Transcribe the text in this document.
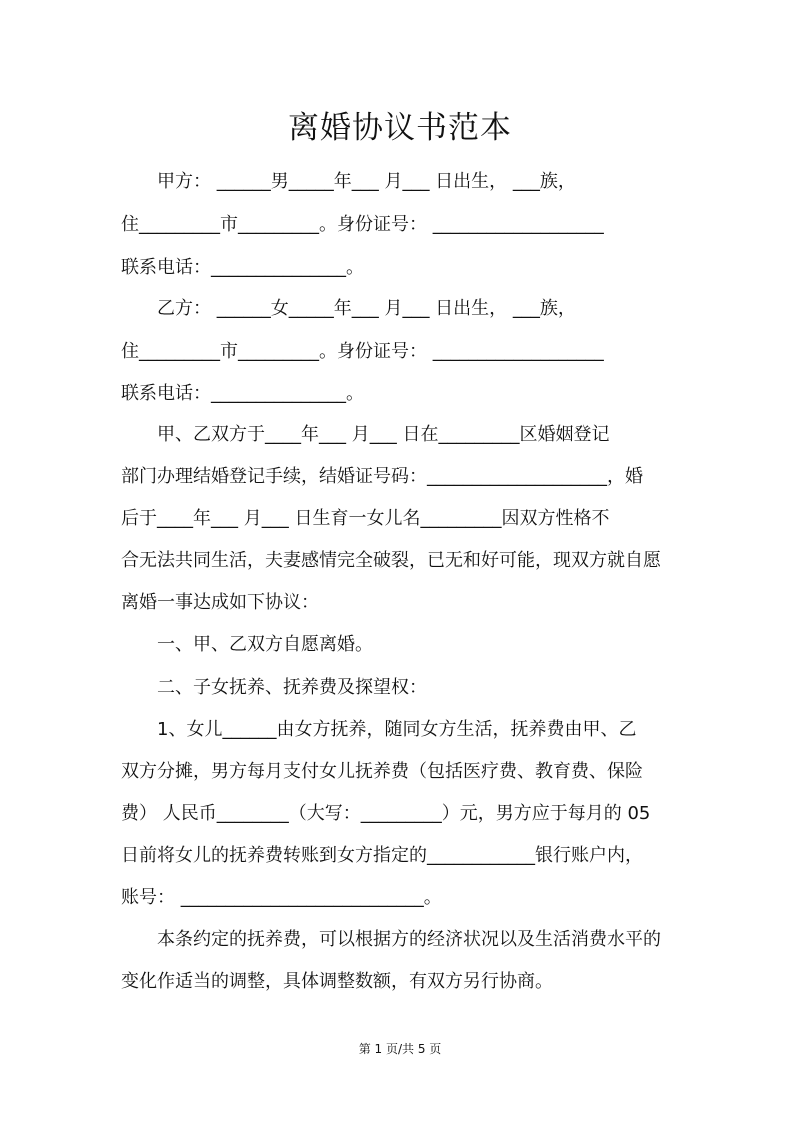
离婚协议书范本
甲方： ______男_____年___ 月___ 日出生， ___族，
住_________市_________。身份证号： ___________________
联系电话：_______________。
乙方： ______女_____年___ 月___ 日出生， ___族，
住_________市_________。身份证号： ___________________
联系电话：_______________。
甲、乙双方于____年___ 月___ 日在_________区婚姻登记
部门办理结婚登记手续，结婚证号码：____________________，婚
后于____年___ 月___ 日生育一女儿名_________因双方性格不
合无法共同生活，夫妻感情完全破裂，已无和好可能，现双方就自愿
离婚一事达成如下协议：
一、甲、乙双方自愿离婚。
二、子女抚养、抚养费及探望权：
1、女儿______由女方抚养，随同女方生活，抚养费由甲、乙
双方分摊，男方每月支付女儿抚养费（包括医疗费、教育费、保险
费） 人民币________（大写：_________）元，男方应于每月的 05
日前将女儿的抚养费转账到女方指定的____________银行账户内，
账号： ___________________________。
本条约定的抚养费，可以根据方的经济状况以及生活消费水平的
变化作适当的调整，具体调整数额，有双方另行协商。
第 1 页/共 5 页
